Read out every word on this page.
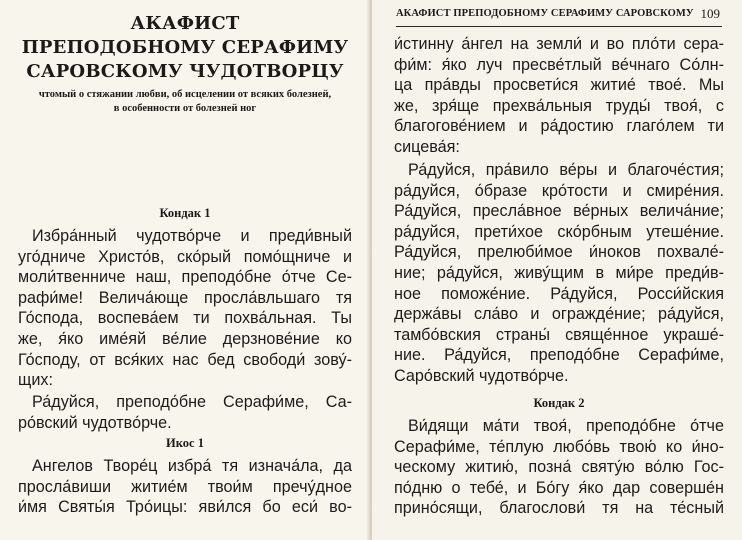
АКАФИСТ
ПРЕПОДОБНОМУ СЕРАФИМУ
САРОВСКОМУ ЧУДОТВОРЦУ
чтомый о стяжании любви, об исцелении от всяких болезней,
в особенности от болезней ног
Кондак 1
Избра́нный чудотво́рче и преди́вный
уго́дниче Христо́в, ско́рый помо́щниче и
моли́твенниче наш, преподо́бне о́тче Се-
рафи́ме! Велича́юще просла́вльшаго тя
Го́спода, воспева́ем ти похва́льная. Ты
же, я́ко име́яй ве́лие дерзнове́ние ко
Го́споду, от вся́ких нас бед свободи́ зову́-
щих:
Ра́дуйся, преподо́бне Серафи́ме, Са-
ро́вский чудотво́рче.
Икос 1
Ангелов Творе́ц избра́ тя изнача́ла, да
просла́виши житие́м твои́м пречу́дное
и́мя Святы́я Тро́ицы: яви́лся бо еси́ во-
АКАФИСТ ПРЕПОДОБНОМУ СЕРАФИМУ САРОВСКОМУ 109
и́стинну а́нгел на земли́ и во пло́ти сера-
фи́м: я́ко луч пресве́тлый ве́чнаго Со́лн-
ца пра́вды просвети́ся житие́ твое́. Мы
же, зря́ще прехва́льныя труды́ твоя́, с
благогове́нием и ра́достию глаго́лем ти
сицева́я:
Ра́дуйся, пра́вило ве́ры и благоче́стия;
ра́дуйся, о́бразе кро́тости и смире́ния.
Ра́дуйся, пресла́вное ве́рных велича́ние;
ра́дуйся, прети́хое ско́рбным утеше́ние.
Ра́дуйся, прелюби́мое и́ноков похвале́-
ние; ра́дуйся, живу́щим в ми́ре преди́в-
ное поможе́ние. Ра́дуйся, Росси́йския
держа́вы сла́во и огражде́ние; ра́дуйся,
тамбо́вския страны́ свяще́нное украше́-
ние. Ра́дуйся, преподо́бне Серафи́ме,
Саро́вский чудотво́рче.
Кондак 2
Ви́дящи ма́ти твоя́, преподо́бне о́тче
Серафи́ме, те́плую любо́вь твою́ ко и́но-
ческому житию́, позна́ святу́ю во́лю Гос-
по́дню о тебе́, и Бо́гу я́ко дар соверше́н
прино́сящи, благослови́ тя на те́сный
